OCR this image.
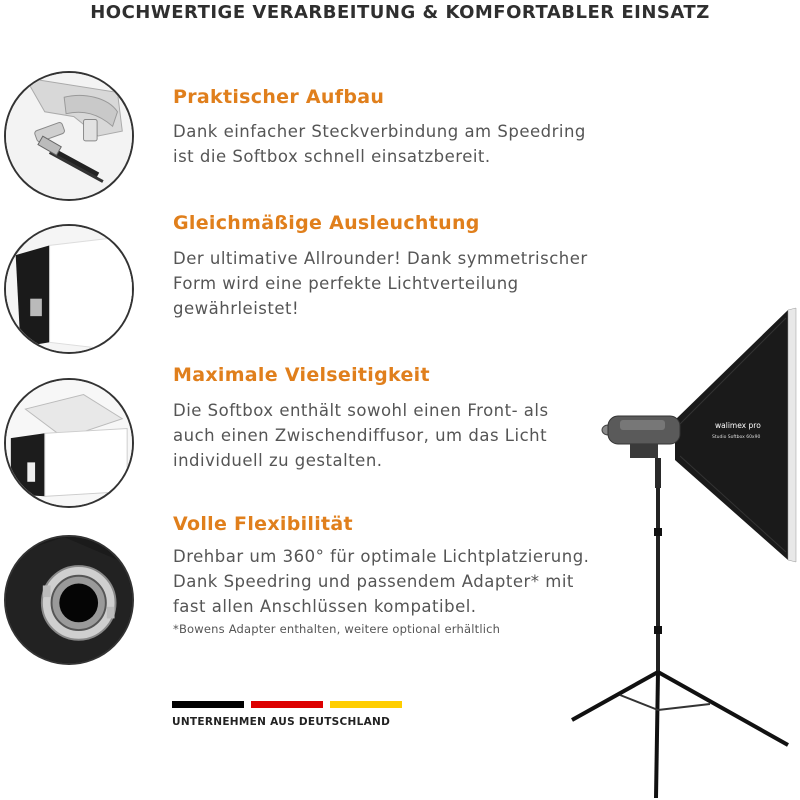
HOCHWERTIGE VERARBEITUNG & KOMFORTABLER EINSATZ
Praktischer Aufbau
Dank einfacher Steckverbindung am Speedring
ist die Softbox schnell einsatzbereit.
Gleichmäßige Ausleuchtung
Der ultimative Allrounder! Dank symmetrischer
Form wird eine perfekte Lichtverteilung
gewährleistet!
Maximale Vielseitigkeit
Die Softbox enthält sowohl einen Front- als
auch einen Zwischendiffusor, um das Licht
individuell zu gestalten.
Volle Flexibilität
Drehbar um 360° für optimale Lichtplatzierung.
Dank Speedring und passendem Adapter* mit
fast allen Anschlüssen kompatibel.
*Bowens Adapter enthalten, weitere optional erhältlich
UNTERNEHMEN AUS DEUTSCHLAND
walimex pro
Studio Softbox 60x90
